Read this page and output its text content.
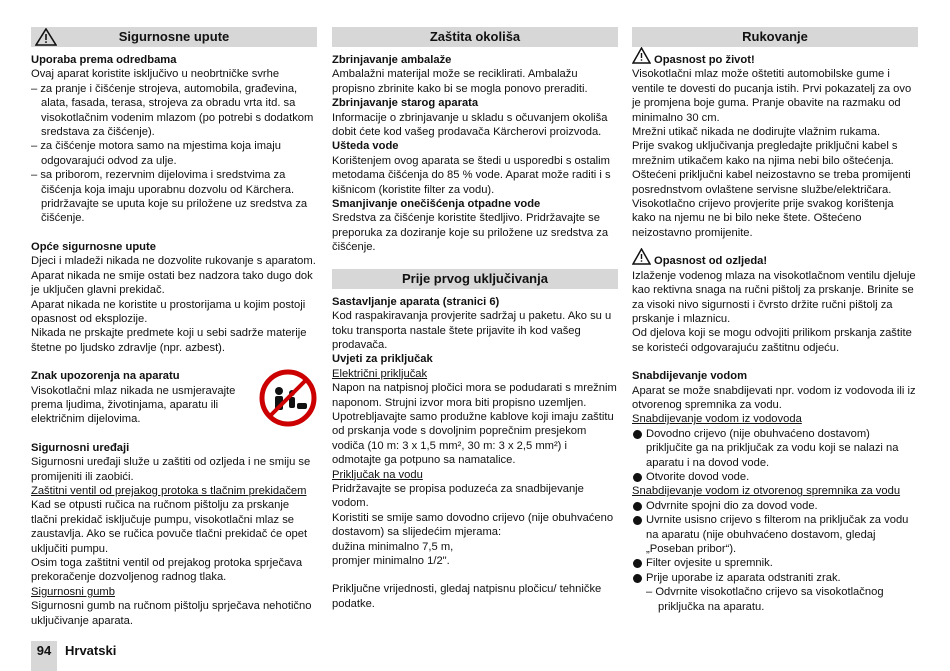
Sigurnosne upute

Uporaba prema odredbama

Ovaj aparat koristite isključivo u neobrtničke svrhe

– za pranje i čišćenje strojeva, automobila, građevina, alata, fasada, terasa, strojeva za obradu vrta itd. sa visokotlačnim vodenim mlazom (po potrebi s dodatkom sredstava za čišćenje).

– za čišćenje motora samo na mjestima koja imaju odgovarajući odvod za ulje.

– sa priborom, rezervnim dijelovima i sredstvima za čišćenja koja imaju uporabnu dozvolu od Kärchera. pridržavajte se uputa koje su priložene uz sredstva za čišćenje.

Opće sigurnosne upute

Djeci i mladeži nikada ne dozvolite rukovanje s aparatom.

Aparat nikada ne smije ostati bez nadzora tako dugo dok je uključen glavni prekidač.

Aparat nikada ne koristite u prostorijama u kojim postoji opasnost od eksplozije.

Nikada ne prskajte predmete koji u sebi sadrže materije štetne po ljudsko zdravlje (npr. azbest).

Znak upozorenja na aparatu

Visokotlačni mlaz nikada ne usmjeravajte prema ljudima, životinjama, aparatu ili električnim dijelovima.

Sigurnosni uređaji

Sigurnosni uređaji služe u zaštiti od ozljeda i ne smiju se promijeniti ili zaobići.

Zaštitni ventil od prejakog protoka s tlačnim prekidačem

Kad se otpusti ručica na ručnom pištolju za prskanje tlačni prekidač isključuje pumpu, visokotlačni mlaz se zaustavlja. Ako se ručica povuče tlačni prekidač će opet uključiti pumpu.

Osim toga zaštitni ventil od prejakog protoka sprječava prekoračenje dozvoljenog radnog tlaka.

Sigurnosni gumb

Sigurnosni gumb na ručnom pištolju sprječava nehotično uključivanje aparata.

Zaštita okoliša

Zbrinjavanje ambalaže

Ambalažni materijal može se reciklirati. Ambalažu propisno zbrinite kako bi se mogla ponovo preraditi.

Zbrinjavanje starog aparata

Informacije o zbrinjavanje u skladu s očuvanjem okoliša dobit ćete kod vašeg prodavača Kärcherovi proizvoda.

Ušteda vode

Korištenjem ovog aparata se štedi u usporedbi s ostalim metodama čišćenja do 85 % vode. Aparat može raditi i s kišnicom (koristite filter za vodu).

Smanjivanje onečišćenja otpadne vode

Sredstva za čišćenje koristite štedljivo. Pridržavajte se preporuka za doziranje koje su priložene uz sredstva za čišćenje.

Prije prvog uključivanja

Sastavljanje aparata (stranici 6)

Kod raspakiravanja provjerite sadržaj u paketu. Ako su u toku transporta nastale štete prijavite ih kod vašeg prodavača.

Uvjeti za priključak

Električni priključak

Napon na natpisnoj pločici mora se podudarati s mrežnim naponom. Strujni izvor mora biti propisno uzemljen.

Upotrebljavajte samo produžne kablove koji imaju zaštitu od prskanja vode s dovoljnim poprečnim presjekom vodiča (10 m: 3 x 1,5 mm², 30 m: 3 x 2,5 mm²) i odmotajte ga potpuno sa namatalice.

Priključak na vodu

Pridržavajte se propisa poduzeća za snadbijevanje vodom.

Koristiti se smije samo dovodno crijevo (nije obuhvaćeno dostavom) sa slijedećim mjerama:

dužina minimalno 7,5 m,

promjer minimalno 1/2".

Priključne vrijednosti, gledaj natpisnu pločicu/ tehničke podatke.

Rukovanje

Opasnost po život!

Visokotlačni mlaz može oštetiti automobilske gume i ventile te dovesti do pucanja istih. Prvi pokazatelj za ovo je promjena boje guma. Pranje obavite na razmaku od minimalno 30 cm.

Mrežni utikač nikada ne dodirujte vlažnim rukama.

Prije svakog uključivanja pregledajte priključni kabel s mrežnim utikačem kako na njima nebi bilo oštećenja. Oštećeni priključni kabel neizostavno se treba promijenti posrednstvom ovlaštene servisne službe/električara.

Visokotlačno crijevo provjerite prije svakog korištenja kako na njemu ne bi bilo neke štete. Oštećeno neizostavno promijenite.

Opasnost od ozljeda!

Izlaženje vodenog mlaza na visokotlačnom ventilu djeluje kao rektivna snaga na ručni pištolj za prskanje. Brinite se za visoki nivo sigurnosti i čvrsto držite ručni pištolj za prskanje i mlaznicu.

Od djelova koji se mogu odvojiti prilikom prskanja zaštite se koristeći odgovarajuću zaštitnu odjeću.

Snabdijevanje vodom

Aparat se može snabdijevati npr. vodom iz vodovoda ili iz otvorenog spremnika za vodu.

Snabdijevanje vodom iz vodovoda

Dovodno crijevo (nije obuhvaćeno dostavom) priključite ga na priključak za vodu koji se nalazi na aparatu i na dovod vode.

Otvorite dovod vode.

Snabdijevanje vodom iz otvorenog spremnika za vodu

Odvrnite spojni dio za dovod vode.

Uvrnite usisno crijevo s filterom na priključak za vodu na aparatu (nije obuhvaćeno dostavom, gledaj „Poseban pribor“).

Filter ovjesite u spremnik.

Prije uporabe iz aparata odstraniti zrak.

– Odvrnite visokotlačno crijevo sa visokotlačnog priključka na aparatu.

94	Hrvatski
